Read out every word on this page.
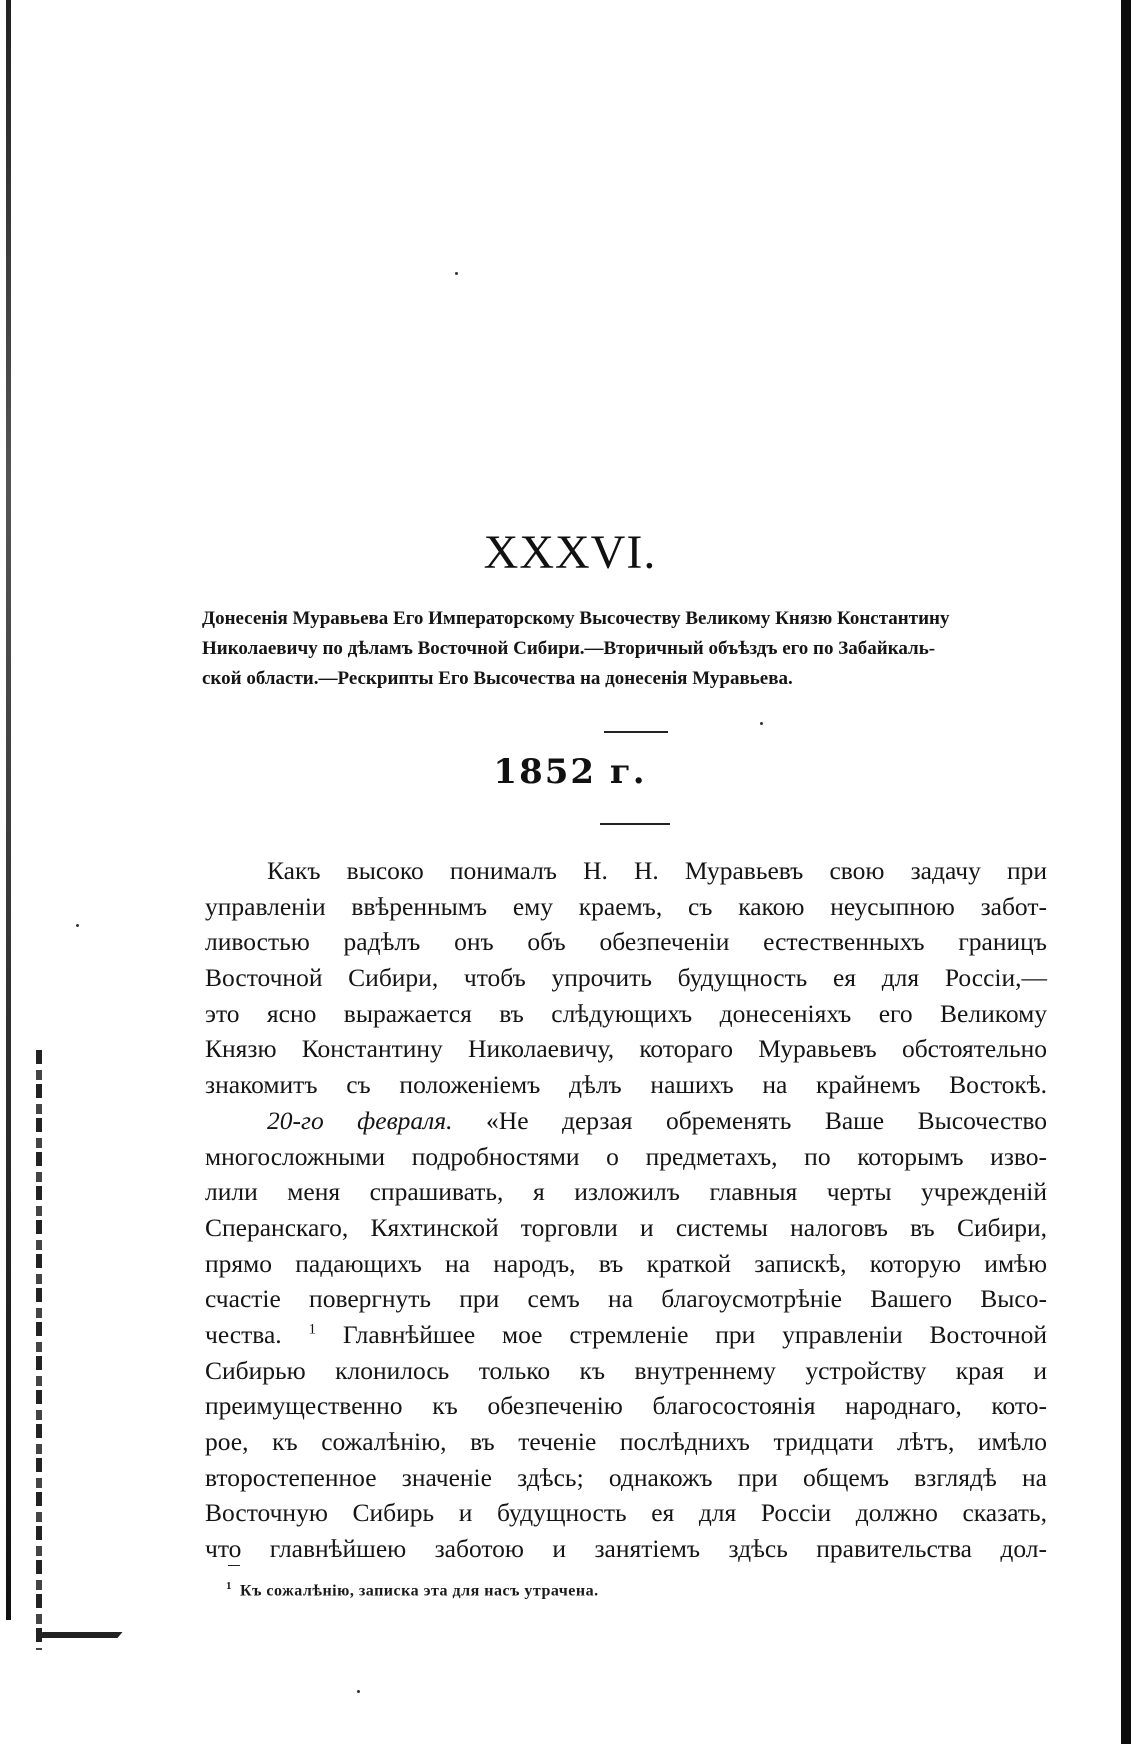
XXXVI.
Донесенія Муравьева Его Императорскому Высочеству Великому Князю Константину
Николаевичу по дѣламъ Восточной Сибири.—Вторичный объѣздъ его по Забайкаль-
ской области.—Рескрипты Его Высочества на донесенія Муравьева.
1852 г.
Какъ высоко понималъ Н. Н. Муравьевъ свою задачу при
управленіи ввѣреннымъ ему краемъ, съ какою неусыпною забот-
ливостью радѣлъ онъ объ обезпеченіи естественныхъ границъ
Восточной Сибири, чтобъ упрочить будущность ея для Россіи,—
это ясно выражается въ слѣдующихъ донесеніяхъ его Великому
Князю Константину Николаевичу, котораго Муравьевъ обстоятельно
знакомитъ съ положеніемъ дѣлъ нашихъ на крайнемъ Востокѣ.
20-го февраля. «Не дерзая обременять Ваше Высочество
многосложными подробностями о предметахъ, по которымъ изво-
лили меня спрашивать, я изложилъ главныя черты учрежденій
Сперанскаго, Кяхтинской торговли и системы налоговъ въ Сибири,
прямо падающихъ на народъ, въ краткой запискѣ, которую имѣю
счастіе повергнуть при семъ на благоусмотрѣніе Вашего Высо-
чества. $^1$ Главнѣйшее мое стремленіе при управленіи Восточной
Сибирью клонилось только къ внутреннему устройству края и
преимущественно къ обезпеченію благосостоянія народнаго, кото-
рое, къ сожалѣнію, въ теченіе послѣднихъ тридцати лѣтъ, имѣло
второстепенное значеніе здѣсь; однакожъ при общемъ взглядѣ на
Восточную Сибирь и будущность ея для Россіи должно сказать,
что главнѣйшею заботою и занятіемъ здѣсь правительства дол-
$^1$ Къ сожалѣнію, записка эта для насъ утрачена.
